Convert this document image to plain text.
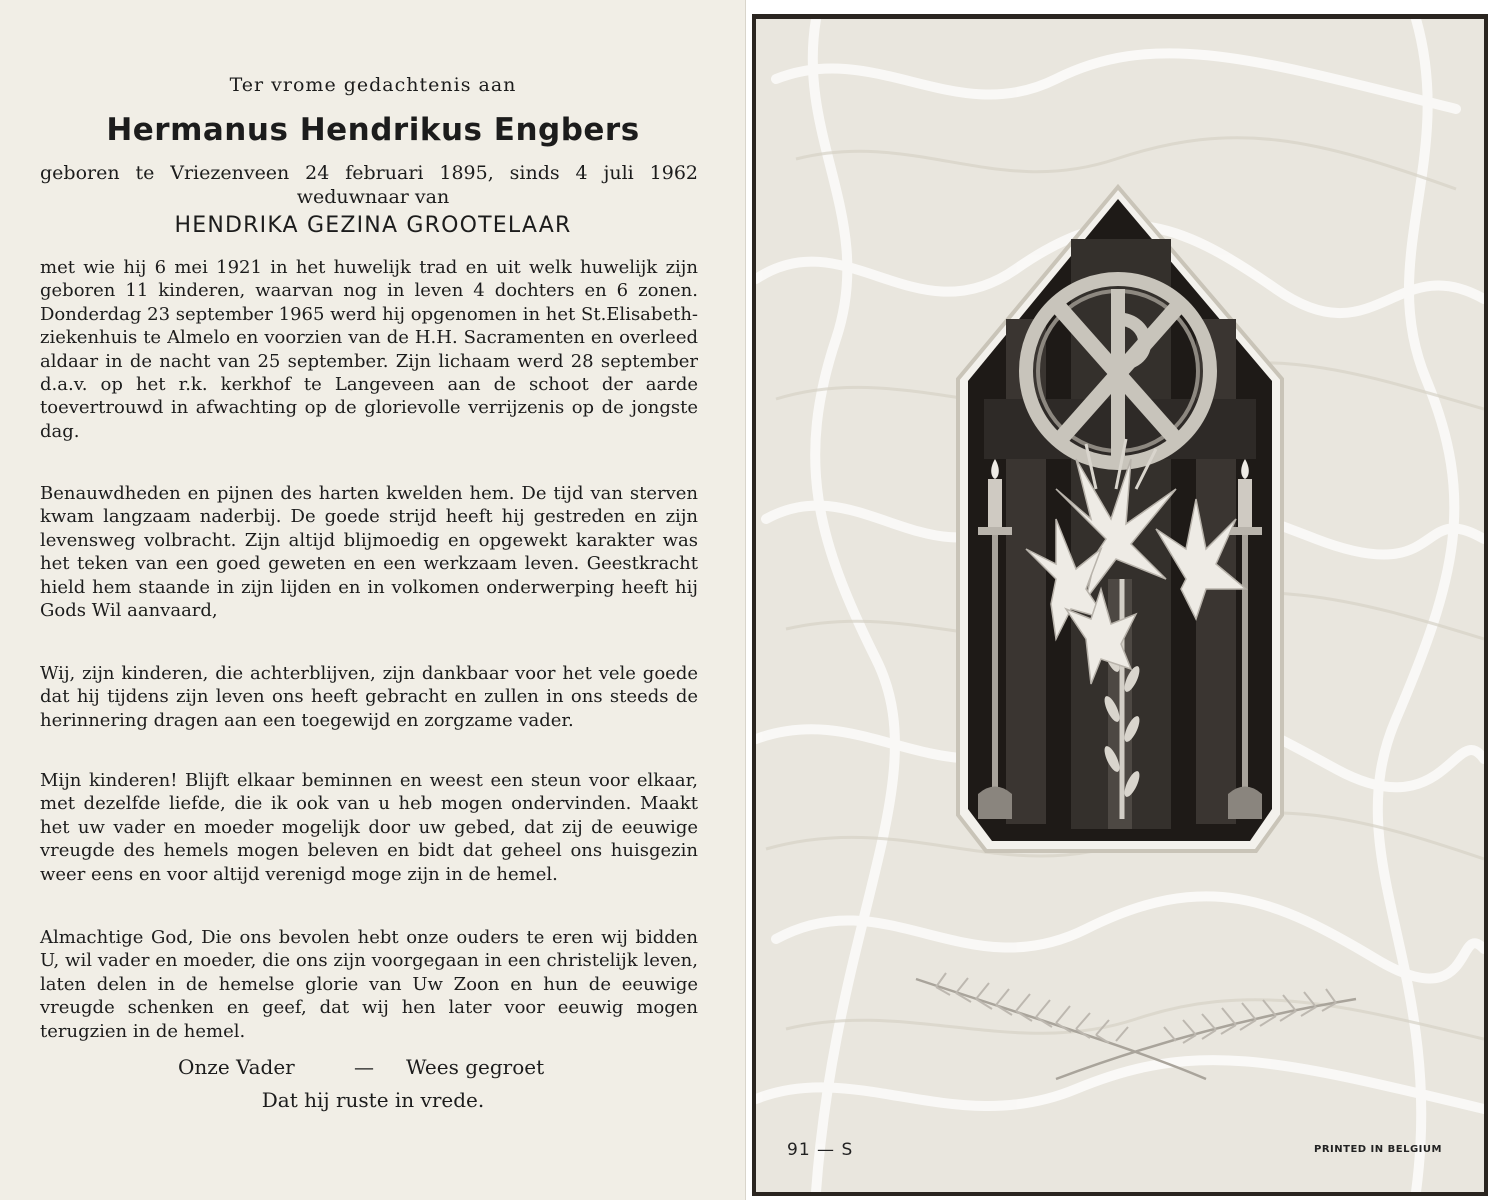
Ter vrome gedachtenis aan
Hermanus Hendrikus Engbers
geboren te Vriezenveen 24 februari 1895, sinds 4 juli 1962
weduwnaar van
HENDRIKA GEZINA GROOTELAAR

met wie hij 6 mei 1921 in het huwelijk trad en uit welk huwelijk zijn geboren 11 kinderen, waarvan nog in leven 4 dochters en 6 zonen. Donderdag 23 september 1965 werd hij opgenomen in het St.Elisabeth-ziekenhuis te Almelo en voorzien van de H.H. Sacramenten en overleed aldaar in de nacht van 25 september. Zijn lichaam werd 28 september d.a.v. op het r.k. kerkhof te Langeveen aan de schoot der aarde toevertrouwd in afwachting op de glorievolle verrijzenis op de jongste dag.

Benauwdheden en pijnen des harten kwelden hem. De tijd van sterven kwam langzaam naderbij. De goede strijd heeft hij gestreden en zijn levensweg volbracht. Zijn altijd blijmoedig en opgewekt karakter was het teken van een goed geweten en een werkzaam leven. Geestkracht hield hem staande in zijn lijden en in volkomen onderwerping heeft hij Gods Wil aanvaard,

Wij, zijn kinderen, die achterblijven, zijn dankbaar voor het vele goede dat hij tijdens zijn leven ons heeft gebracht en zullen in ons steeds de herinnering dragen aan een toegewijd en zorgzame vader.

Mijn kinderen! Blijft elkaar beminnen en weest een steun voor elkaar, met dezelfde liefde, die ik ook van u heb mogen ondervinden. Maakt het uw vader en moeder mogelijk door uw gebed, dat zij de eeuwige vreugde des hemels mogen beleven en bidt dat geheel ons huisgezin weer eens en voor altijd verenigd moge zijn in de hemel.

Almachtige God, Die ons bevolen hebt onze ouders te eren wij bidden U, wil vader en moeder, die ons zijn voorgegaan in een christelijk leven, laten delen in de hemelse glorie van Uw Zoon en hun de eeuwige vreugde schenken en geef, dat wij hen later voor eeuwig mogen terugzien in de hemel.

Onze Vader	— Wees gegroet
Dat hij ruste in vrede.
91 — S	PRINTED IN BELGIUM
